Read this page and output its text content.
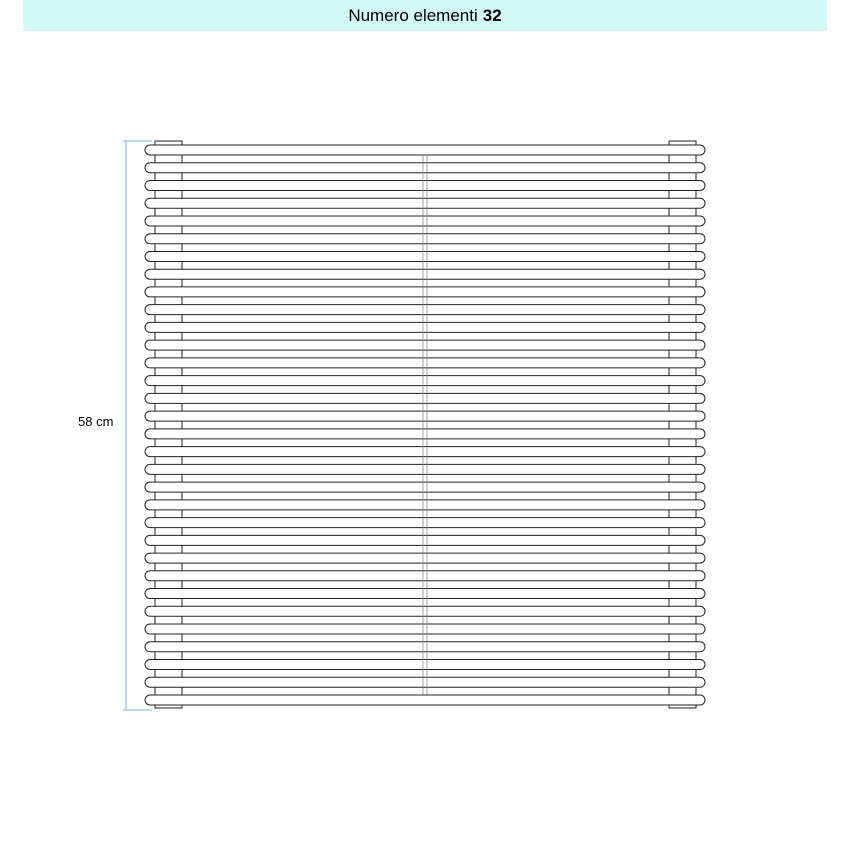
Numero elementi 32
58 cm
